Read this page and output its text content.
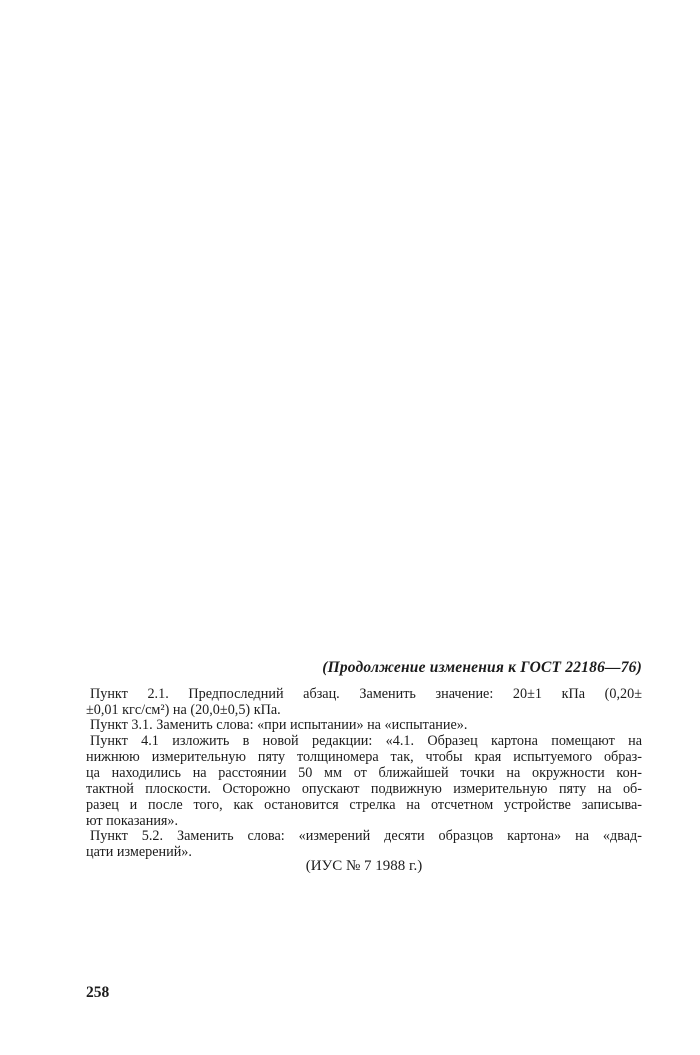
(Продолжение изменения к ГОСТ 22186—76)
Пункт 2.1. Предпоследний абзац. Заменить значение: 20±1 кПа (0,20±
±0,01 кгс/см²) на (20,0±0,5) кПа.
Пункт 3.1. Заменить слова: «при испытании» на «испытание».
Пункт 4.1 изложить в новой редакции: «4.1. Образец картона помещают на
нижнюю измерительную пяту толщиномера так, чтобы края испытуемого образ-
ца находились на расстоянии 50 мм от ближайшей точки на окружности кон-
тактной плоскости. Осторожно опускают подвижную измерительную пяту на об-
разец и после того, как остановится стрелка на отсчетном устройстве записыва-
ют показания».
Пункт 5.2. Заменить слова: «измерений десяти образцов картона» на «двад-
цати измерений».
(ИУС № 7 1988 г.)
258
